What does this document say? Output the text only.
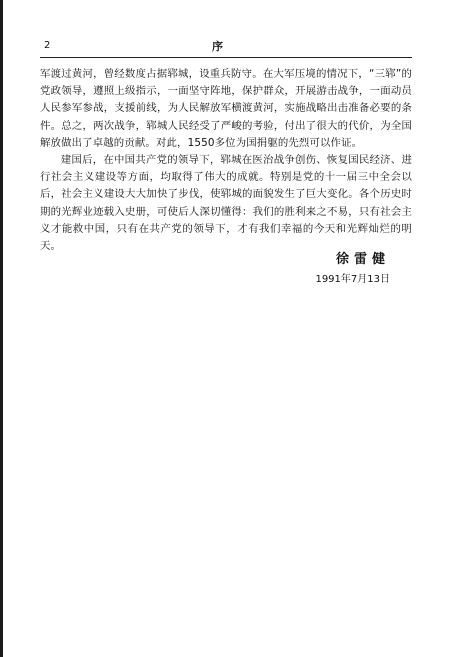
2	序

军渡过黄河，曾经数度占据郓城，设重兵防守。在大军压境的情况下，“三郓”的党政领导，遵照上级指示，一面坚守阵地，保护群众，开展游击战争，一面动员人民参军参战，支援前线，为人民解放军横渡黄河，实施战略出击准备必要的条件。总之，两次战争，郓城人民经受了严峻的考验，付出了很大的代价，为全国解放做出了卓越的贡献。对此，1550多位为国捐躯的先烈可以作证。

建国后，在中国共产党的领导下，郓城在医治战争创伤、恢复国民经济、进行社会主义建设等方面，均取得了伟大的成就。特别是党的十一届三中全会以后，社会主义建设大大加快了步伐，使郓城的面貌发生了巨大变化。各个历史时期的光辉业迹载入史册，可使后人深切懂得：我们的胜利来之不易，只有社会主义才能救中国，只有在共产党的领导下，才有我们幸福的今天和光辉灿烂的明天。

徐雷健
1991年7月13日
